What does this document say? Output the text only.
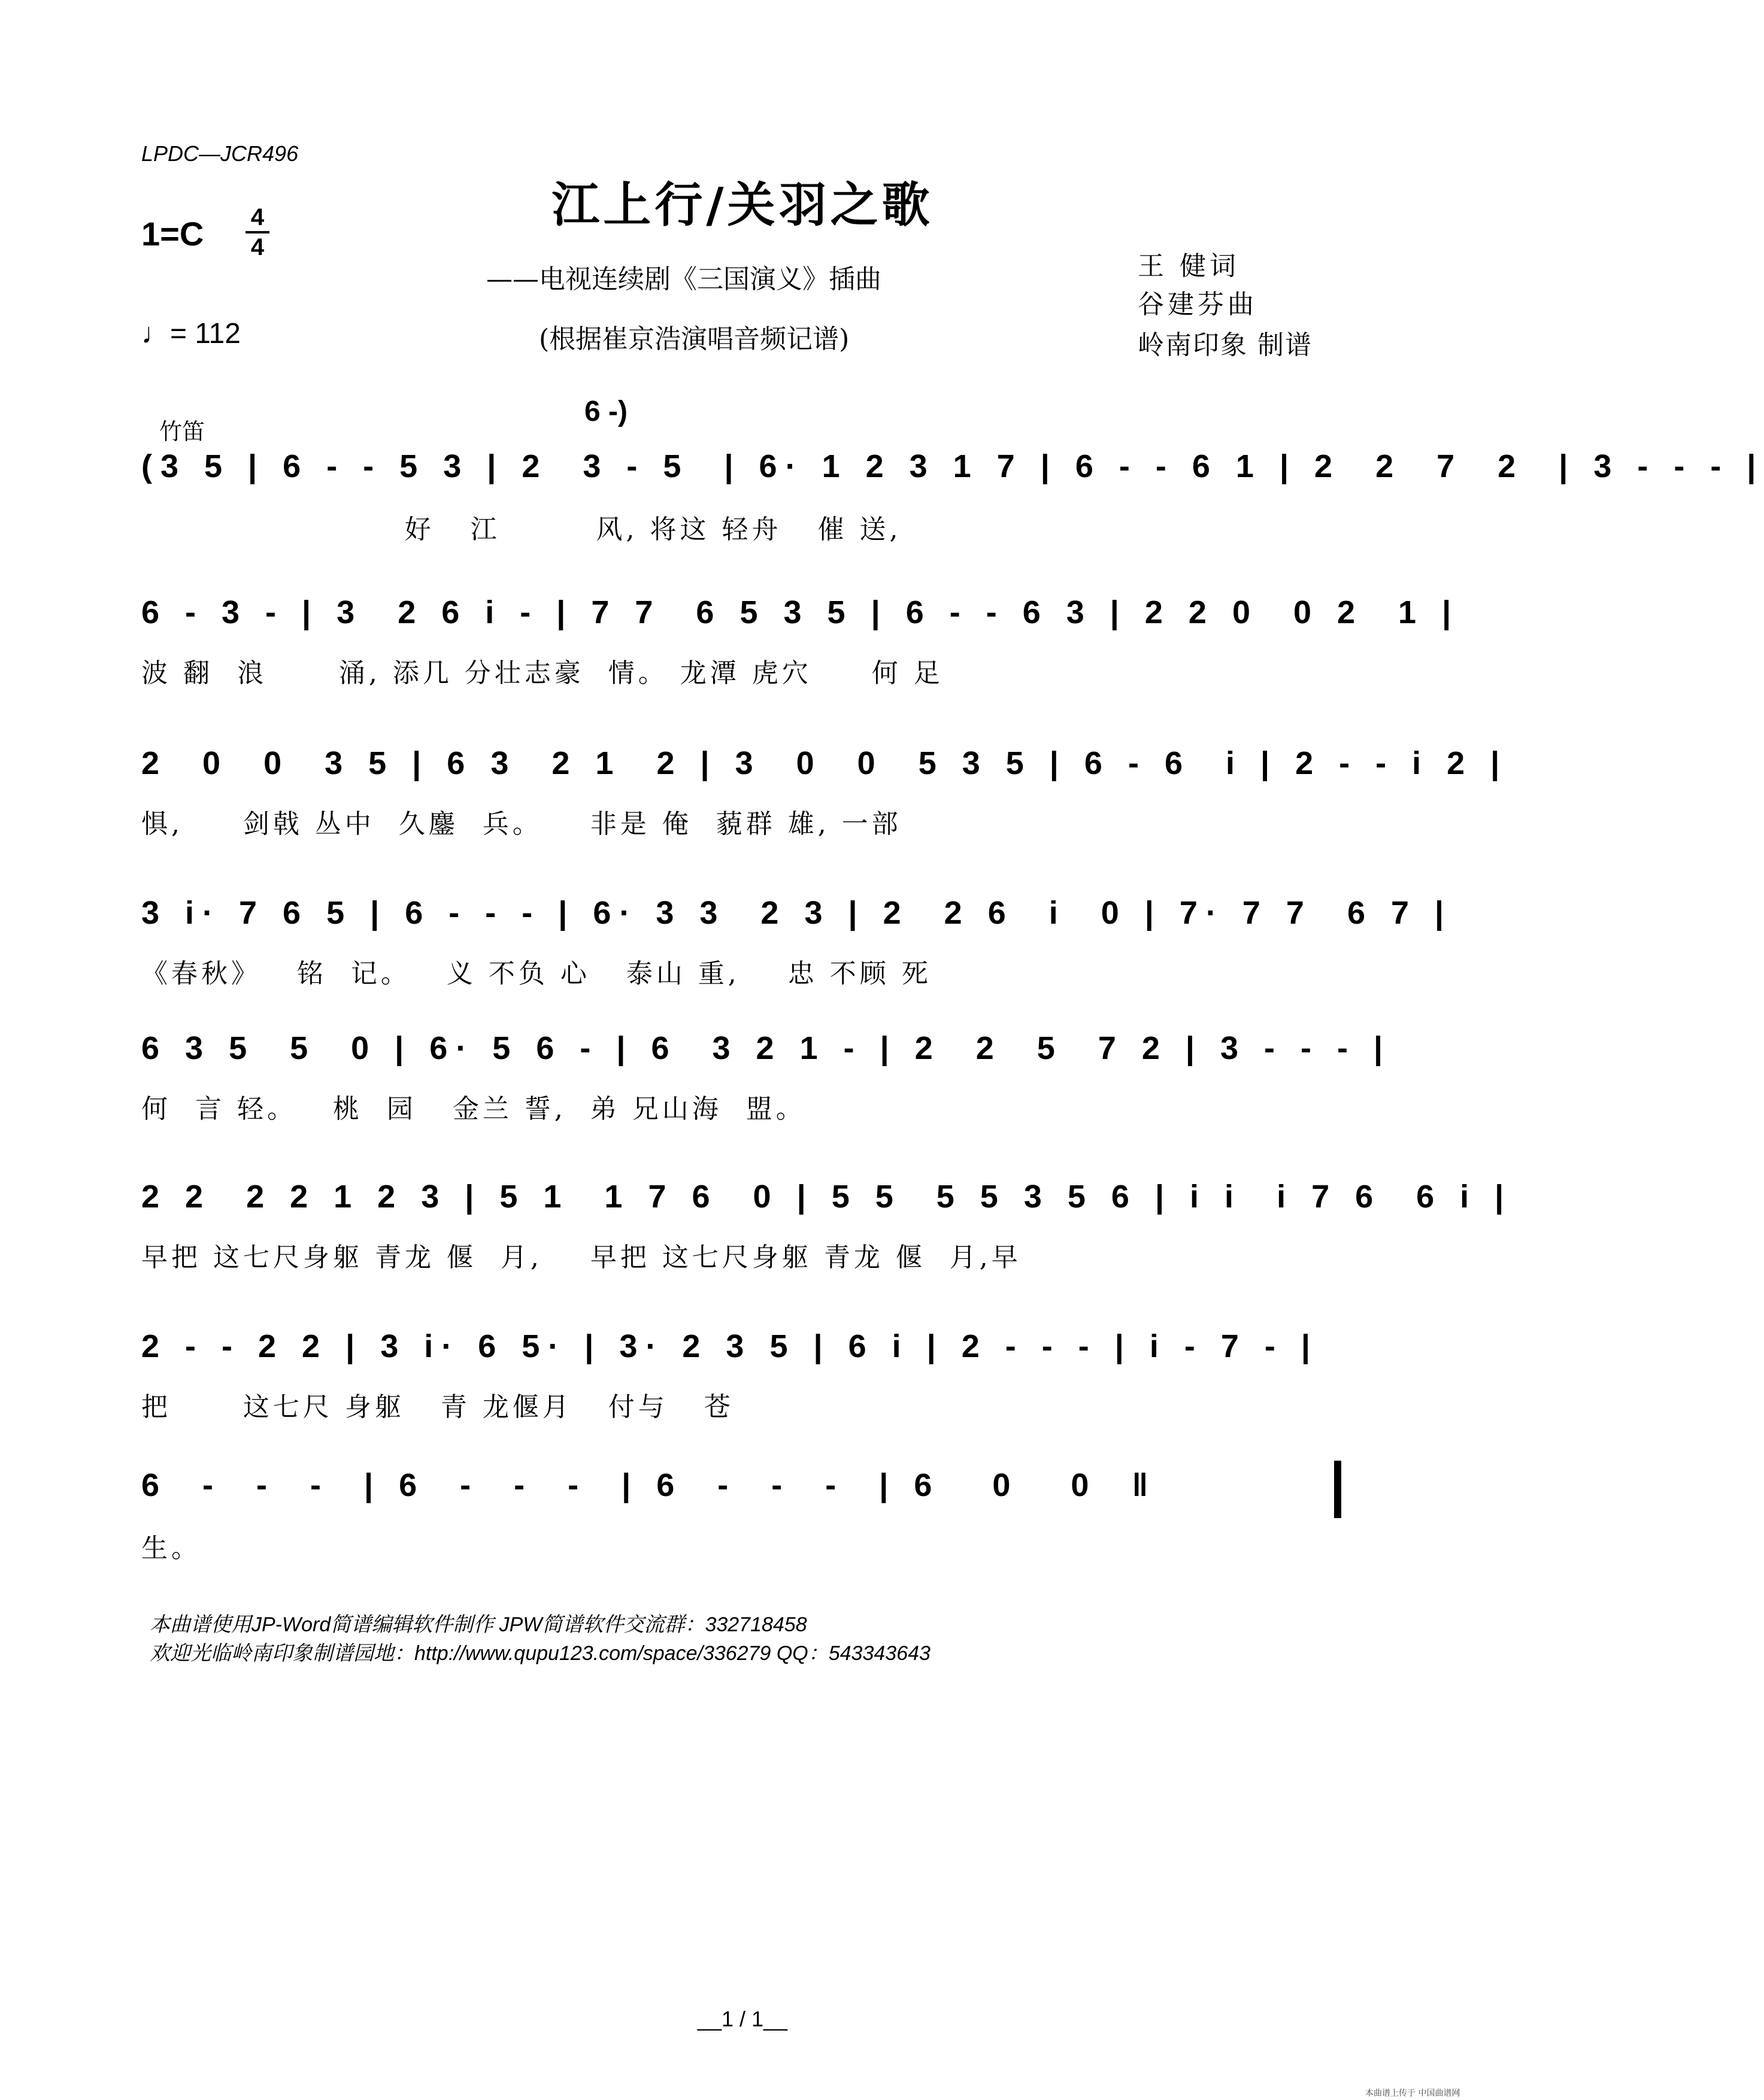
LPDC—JCR496
江上行/关羽之歌
1=C 4
4
——电视连续剧《三国演义》插曲
(根据崔京浩演唱音频记谱)
王 健词
谷建芬曲
岭南印象 制谱
♩= 112
竹笛
6 -)
(3 5 | 6 - - 5 3 | 2  3 - 5  | 6· 1 2 3 1 7 | 6 - - 6 1 | 2  2  7  2  | 3 - - - |
好   江        风, 将这 轻舟   催 送,
6 - 3 - | 3  2 6 i - | 7 7  6 5 3 5 | 6 - - 6 3 | 2 2 0  0 2  1 |
波 翻  浪      涌, 添几 分壮志豪  情。 龙潭 虎穴     何 足
2  0  0  3 5 | 6 3  2 1  2 | 3  0  0  5 3 5 | 6 - 6  i | 2 - - i 2 |
惧,     剑戟 丛中  久鏖  兵。    非是 俺  藐群 雄, 一部
3 i· 7 6 5 | 6 - - - | 6· 3 3  2 3 | 2  2 6  i  0 | 7· 7 7  6 7 |
《春秋》   铭  记。   义 不负 心   泰山 重,    忠 不顾 死
6 3 5  5  0 | 6· 5 6 - | 6  3 2 1 - | 2  2  5  7 2 | 3 - - - |
何  言 轻。   桃  园   金兰 誓,  弟 兄山海  盟。
2 2  2 2 1 2 3 | 5 1  1 7 6  0 | 5 5  5 5 3 5 6 | i i  i 7 6  6 i |
早把 这七尺身躯 青龙 偃  月,    早把 这七尺身躯 青龙 偃  月,早
2 - - 2 2 | 3 i· 6 5· | 3· 2 3 5 | 6 i | 2 - - - | i - 7 - |
把      这七尺 身躯   青 龙偃月   付与   苍
6  -  -  -  | 6  -  -  -  | 6  -  -  -  | 6   0   0  ‖
生。
本曲谱使用JP-Word简谱编辑软件制作 JPW简谱软件交流群：332718458
欢迎光临岭南印象制谱园地：http://www.qupu123.com/space/336279 QQ：543343643
__1 / 1__
本曲谱上传于 中国曲谱网
